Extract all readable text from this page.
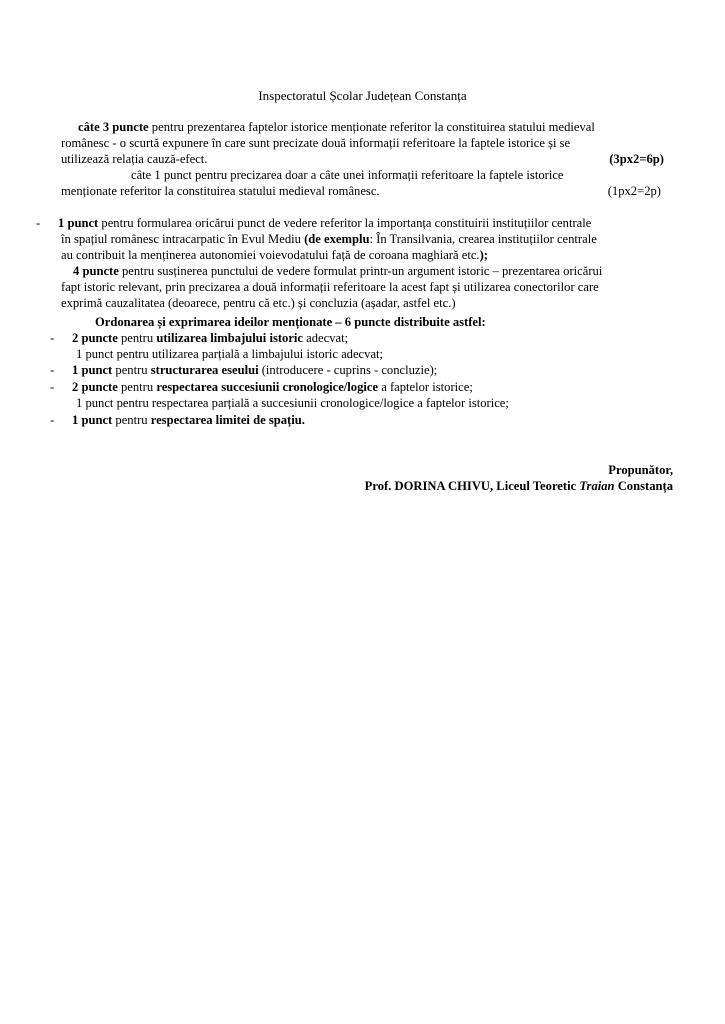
Inspectoratul Școlar Județean Constanța
câte 3 puncte pentru prezentarea faptelor istorice menționate referitor la constituirea statului medieval
românesc - o scurtă expunere în care sunt precizate două informații referitoare la faptele istorice și se
utilizează relația cauză-efect.	(3px2=6p)
câte 1 punct pentru precizarea doar a câte unei informații referitoare la faptele istorice
menționate referitor la constituirea statului medieval românesc.	(1px2=2p)
-	1 punct pentru formularea oricărui punct de vedere referitor la importanța constituirii instituțiilor centrale
în spațiul românesc intracarpatic în Evul Mediu (de exemplu: În Transilvania, crearea instituțiilor centrale
au contribuit la menținerea autonomiei voievodatului față de coroana maghiară etc.);
4 puncte pentru susținerea punctului de vedere formulat printr-un argument istoric – prezentarea oricărui
fapt istoric relevant, prin precizarea a două informații referitoare la acest fapt și utilizarea conectorilor care
exprimă cauzalitatea (deoarece, pentru că etc.) și concluzia (așadar, astfel etc.)
Ordonarea și exprimarea ideilor menționate – 6 puncte distribuite astfel:
-	2 puncte pentru utilizarea limbajului istoric adecvat;
1 punct pentru utilizarea parțială a limbajului istoric adecvat;
-	1 punct pentru structurarea eseului (introducere - cuprins - concluzie);
-	2 puncte pentru respectarea succesiunii cronologice/logice a faptelor istorice;
1 punct pentru respectarea parțială a succesiunii cronologice/logice a faptelor istorice;
-	1 punct pentru respectarea limitei de spațiu.
Propunător,
Prof. DORINA CHIVU, Liceul Teoretic Traian Constanța
